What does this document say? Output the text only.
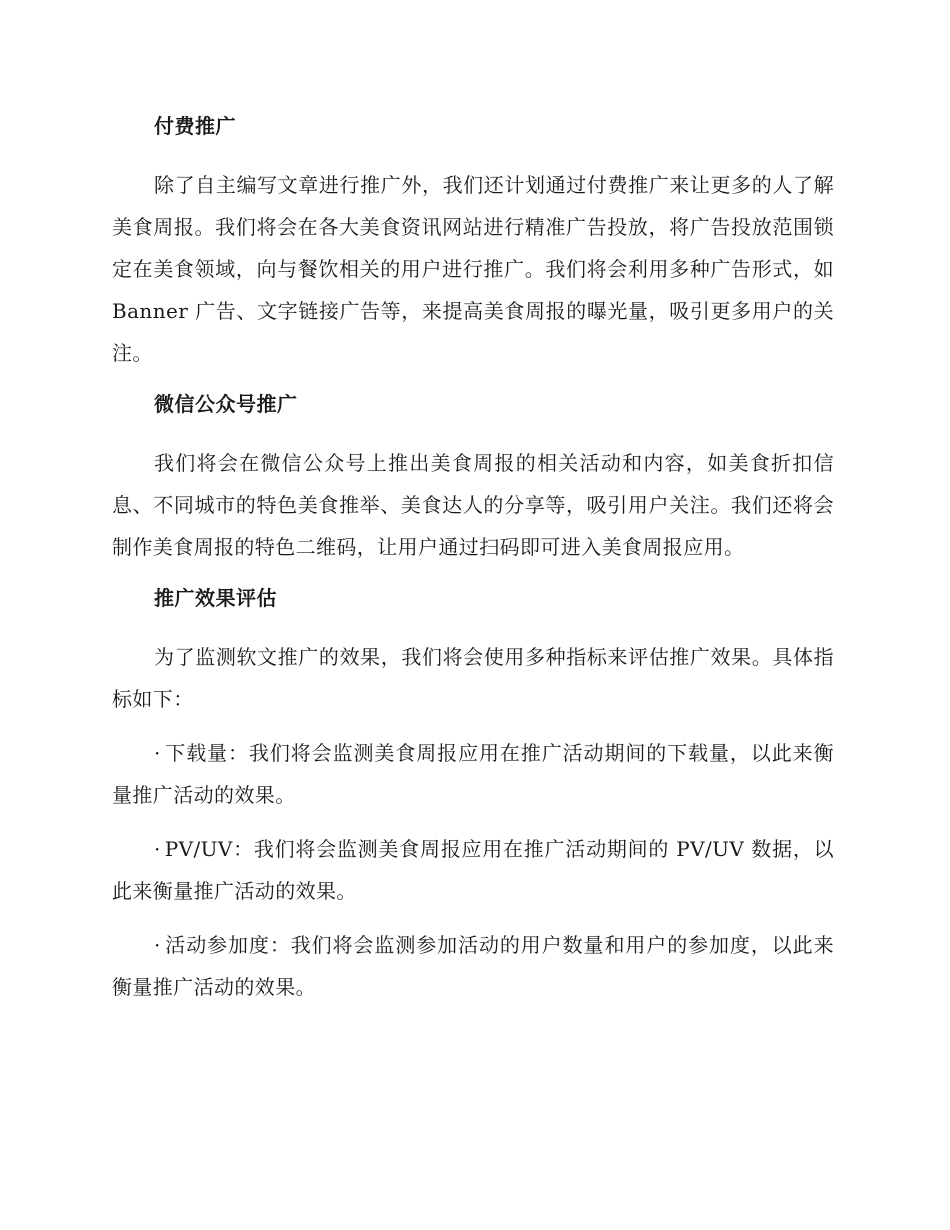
付费推广

除了自主编写文章进行推广外，我们还计划通过付费推广来让更多的人了解美食周报。我们将会在各大美食资讯网站进行精准广告投放，将广告投放范围锁定在美食领域，向与餐饮相关的用户进行推广。我们将会利用多种广告形式，如 Banner 广告、文字链接广告等，来提高美食周报的曝光量，吸引更多用户的关注。

微信公众号推广

我们将会在微信公众号上推出美食周报的相关活动和内容，如美食折扣信息、不同城市的特色美食推举、美食达人的分享等，吸引用户关注。我们还将会制作美食周报的特色二维码，让用户通过扫码即可进入美食周报应用。

推广效果评估

为了监测软文推广的效果，我们将会使用多种指标来评估推广效果。具体指标如下：

· 下载量：我们将会监测美食周报应用在推广活动期间的下载量，以此来衡量推广活动的效果。

· PV/UV：我们将会监测美食周报应用在推广活动期间的 PV/UV 数据，以此来衡量推广活动的效果。

· 活动参加度：我们将会监测参加活动的用户数量和用户的参加度，以此来衡量推广活动的效果。
